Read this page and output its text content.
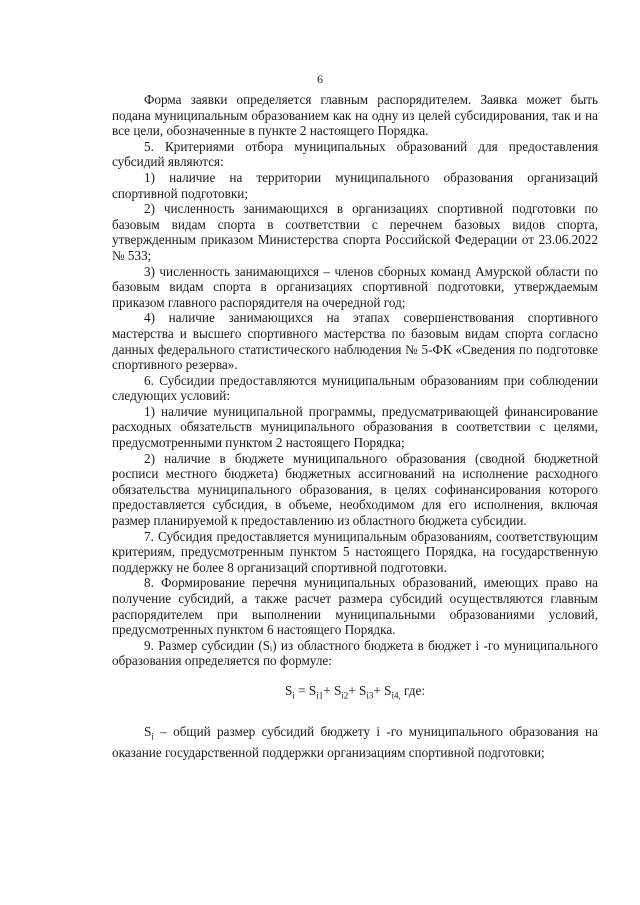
6

Форма заявки определяется главным распорядителем. Заявка может быть подана муниципальным образованием как на одну из целей субсидирования, так и на все цели, обозначенные в пункте 2 настоящего Порядка.

5. Критериями отбора муниципальных образований для предоставления субсидий являются:

1) наличие на территории муниципального образования организаций спортивной подготовки;

2) численность занимающихся в организациях спортивной подготовки по базовым видам спорта в соответствии с перечнем базовых видов спорта, утвержденным приказом Министерства спорта Российской Федерации от 23.06.2022 № 533;

3) численность занимающихся – членов сборных команд Амурской области по базовым видам спорта в организациях спортивной подготовки, утверждаемым приказом главного распорядителя на очередной год;

4) наличие занимающихся на этапах совершенствования спортивного мастерства и высшего спортивного мастерства по базовым видам спорта согласно данных федерального статистического наблюдения № 5-ФК «Сведения по подготовке спортивного резерва».

6. Субсидии предоставляются муниципальным образованиям при соблюдении следующих условий:

1) наличие муниципальной программы, предусматривающей финансирование расходных обязательств муниципального образования в соответствии с целями, предусмотренными пунктом 2 настоящего Порядка;

2) наличие в бюджете муниципального образования (сводной бюджетной росписи местного бюджета) бюджетных ассигнований на исполнение расходного обязательства муниципального образования, в целях софинансирования которого предоставляется субсидия, в объеме, необходимом для его исполнения, включая размер планируемой к предоставлению из областного бюджета субсидии.

7. Субсидия предоставляется муниципальным образованиям, соответствующим критериям, предусмотренным пунктом 5 настоящего Порядка, на государственную поддержку не более 8 организаций спортивной подготовки.

8. Формирование перечня муниципальных образований, имеющих право на получение субсидий, а также расчет размера субсидий осуществляются главным распорядителем при выполнении муниципальными образованиями условий, предусмотренных пунктом 6 настоящего Порядка.

9. Размер субсидии (Sᵢ) из областного бюджета в бюджет i -го муниципального образования определяется по формуле:

$S_i = S_{i1}+ S_{i2}+ S_{i3}+ S_{i4,}$ где:

$S_i$ – общий размер субсидий бюджету i -го муниципального образования на оказание государственной поддержки организациям спортивной подготовки;
